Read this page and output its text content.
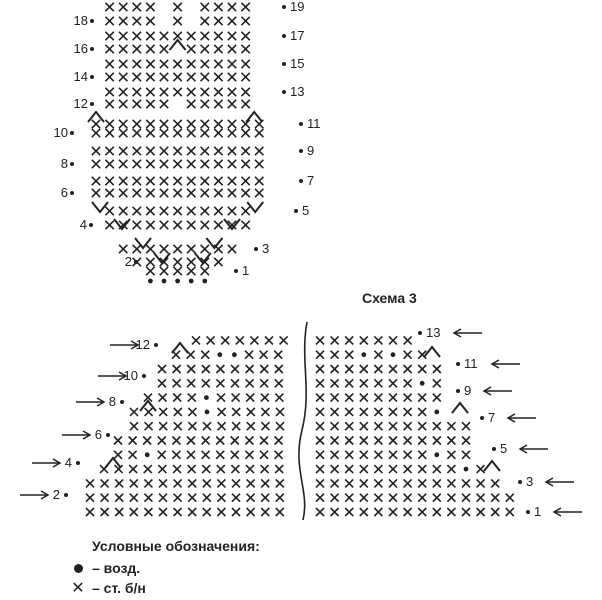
2
4
6
8
10
12
14
16
18
1
3
5
7
9
11
13
15
17
19
Схема 3
2
4
6
8
10
12
1
3
5
7
9
11
13
Условные обозначения:
– возд.
✕ – ст. б/н
